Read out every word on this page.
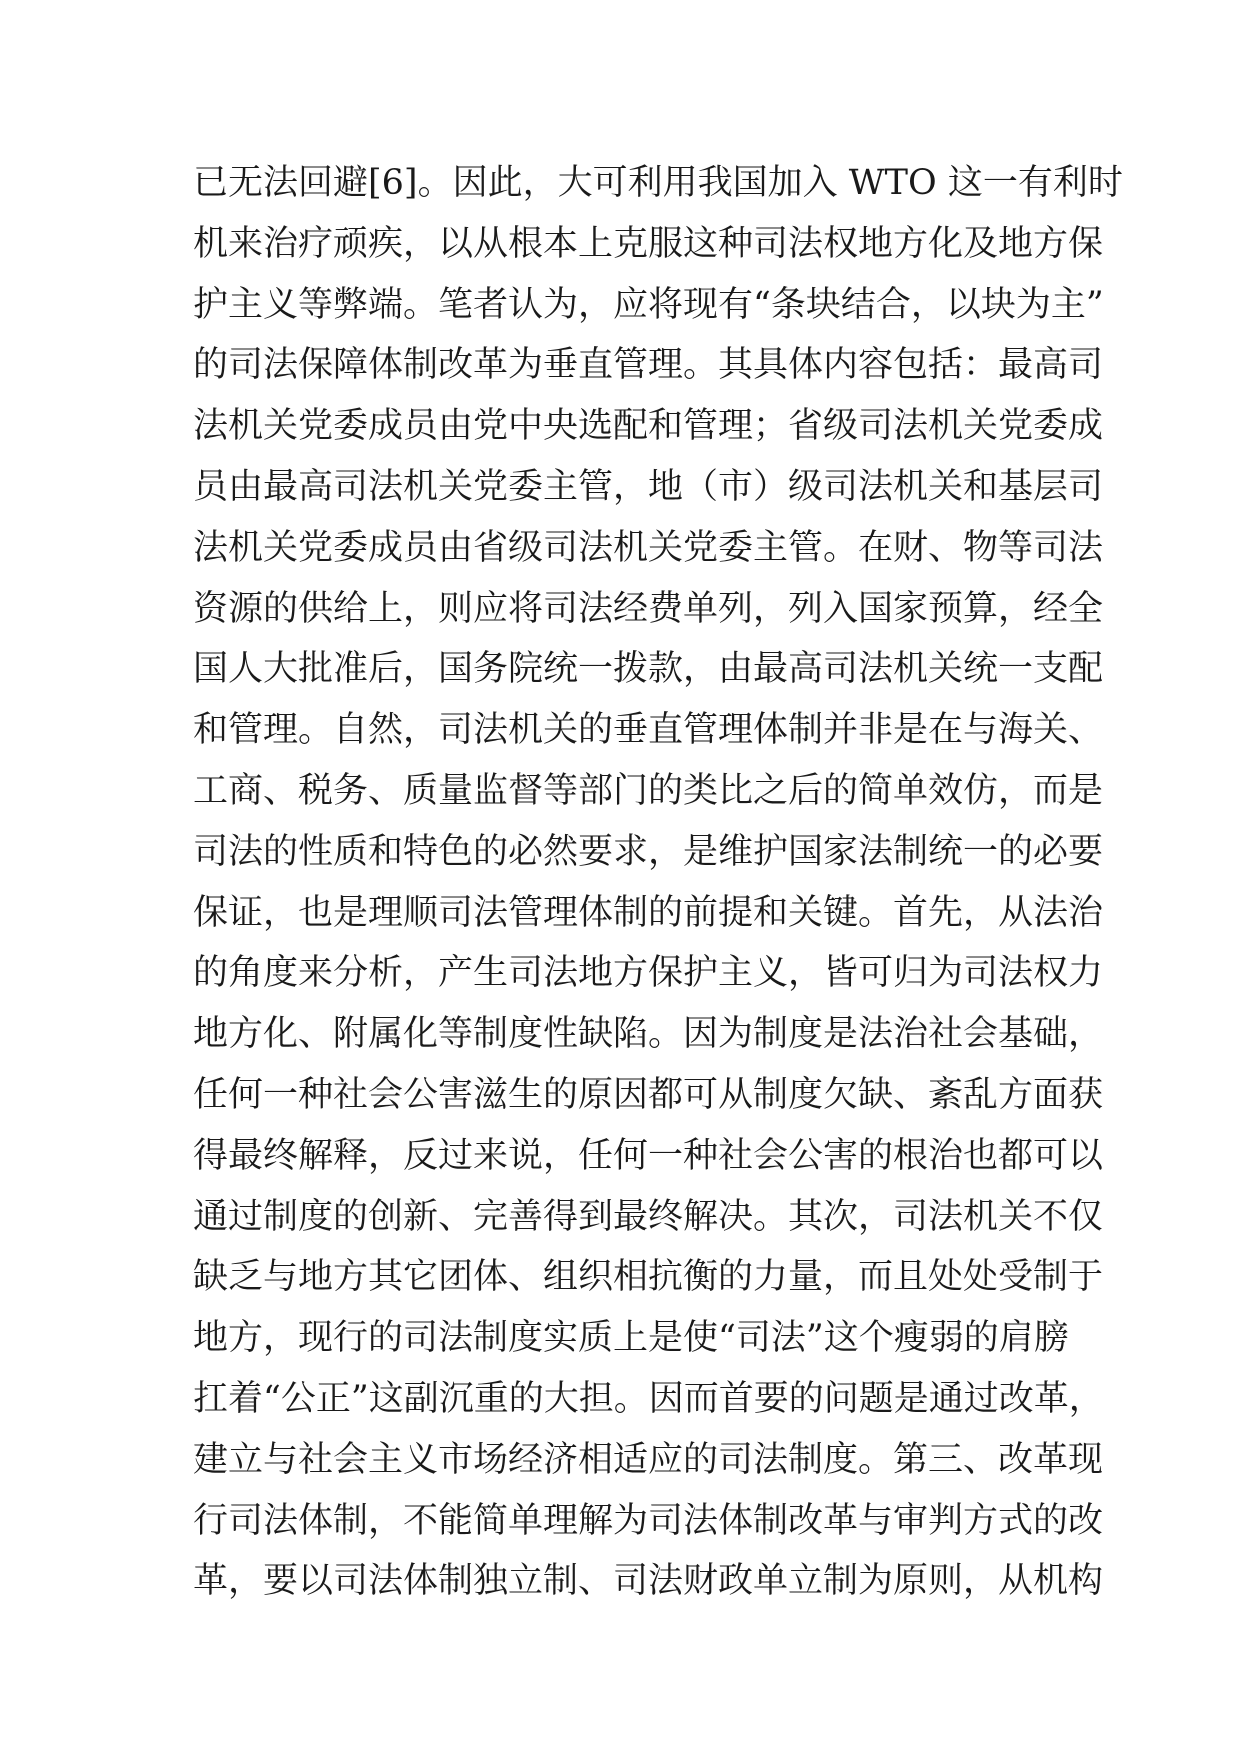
已无法回避[6]。因此，大可利用我国加入 WTO 这一有利时
机来治疗顽疾，以从根本上克服这种司法权地方化及地方保
护主义等弊端。笔者认为，应将现有“条块结合，以块为主”
的司法保障体制改革为垂直管理。其具体内容包括：最高司
法机关党委成员由党中央选配和管理；省级司法机关党委成
员由最高司法机关党委主管，地（市）级司法机关和基层司
法机关党委成员由省级司法机关党委主管。在财、物等司法
资源的供给上，则应将司法经费单列，列入国家预算，经全
国人大批准后，国务院统一拨款，由最高司法机关统一支配
和管理。自然，司法机关的垂直管理体制并非是在与海关、
工商、税务、质量监督等部门的类比之后的简单效仿，而是
司法的性质和特色的必然要求，是维护国家法制统一的必要
保证，也是理顺司法管理体制的前提和关键。首先，从法治
的角度来分析，产生司法地方保护主义，皆可归为司法权力
地方化、附属化等制度性缺陷。因为制度是法治社会基础，
任何一种社会公害滋生的原因都可从制度欠缺、紊乱方面获
得最终解释，反过来说，任何一种社会公害的根治也都可以
通过制度的创新、完善得到最终解决。其次，司法机关不仅
缺乏与地方其它团体、组织相抗衡的力量，而且处处受制于
地方，现行的司法制度实质上是使“司法”这个瘦弱的肩膀
扛着“公正”这副沉重的大担。因而首要的问题是通过改革，
建立与社会主义市场经济相适应的司法制度。第三、改革现
行司法体制，不能简单理解为司法体制改革与审判方式的改
革，要以司法体制独立制、司法财政单立制为原则，从机构
